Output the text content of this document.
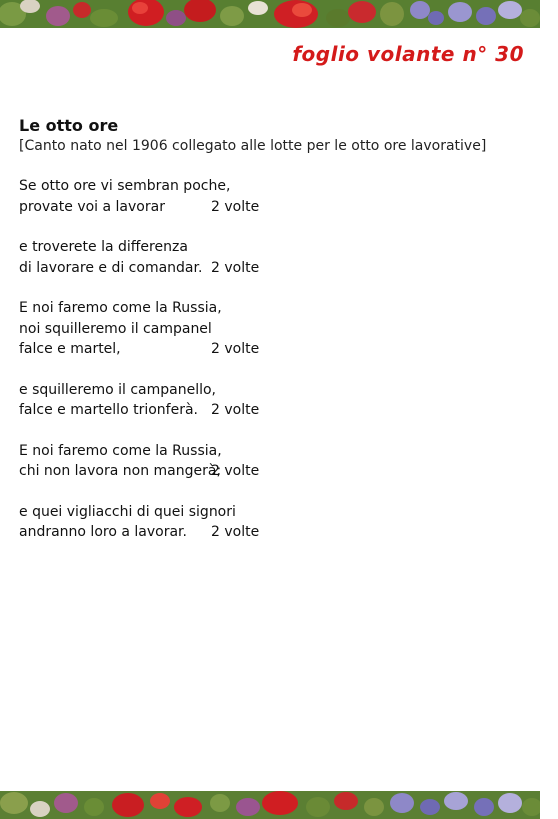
foglio volante n° 30
Le otto ore

[Canto nato nel 1906 collegato alle lotte per le otto ore lavorative]

Se otto ore vi sembran poche,
provate voi a lavorar	2 volte
e troverete la differenza
di lavorare e di comandar. 2 volte
E noi faremo come la Russia,
noi squilleremo il campanel
falce e martel,	2 volte
e squilleremo il campanello,
falce e martello trionferà. 2 volte
E noi faremo come la Russia,
chi non lavora non mangerà;
2 volte
e quei vigliacchi di quei signori
andranno loro a lavorar.	2 volte
